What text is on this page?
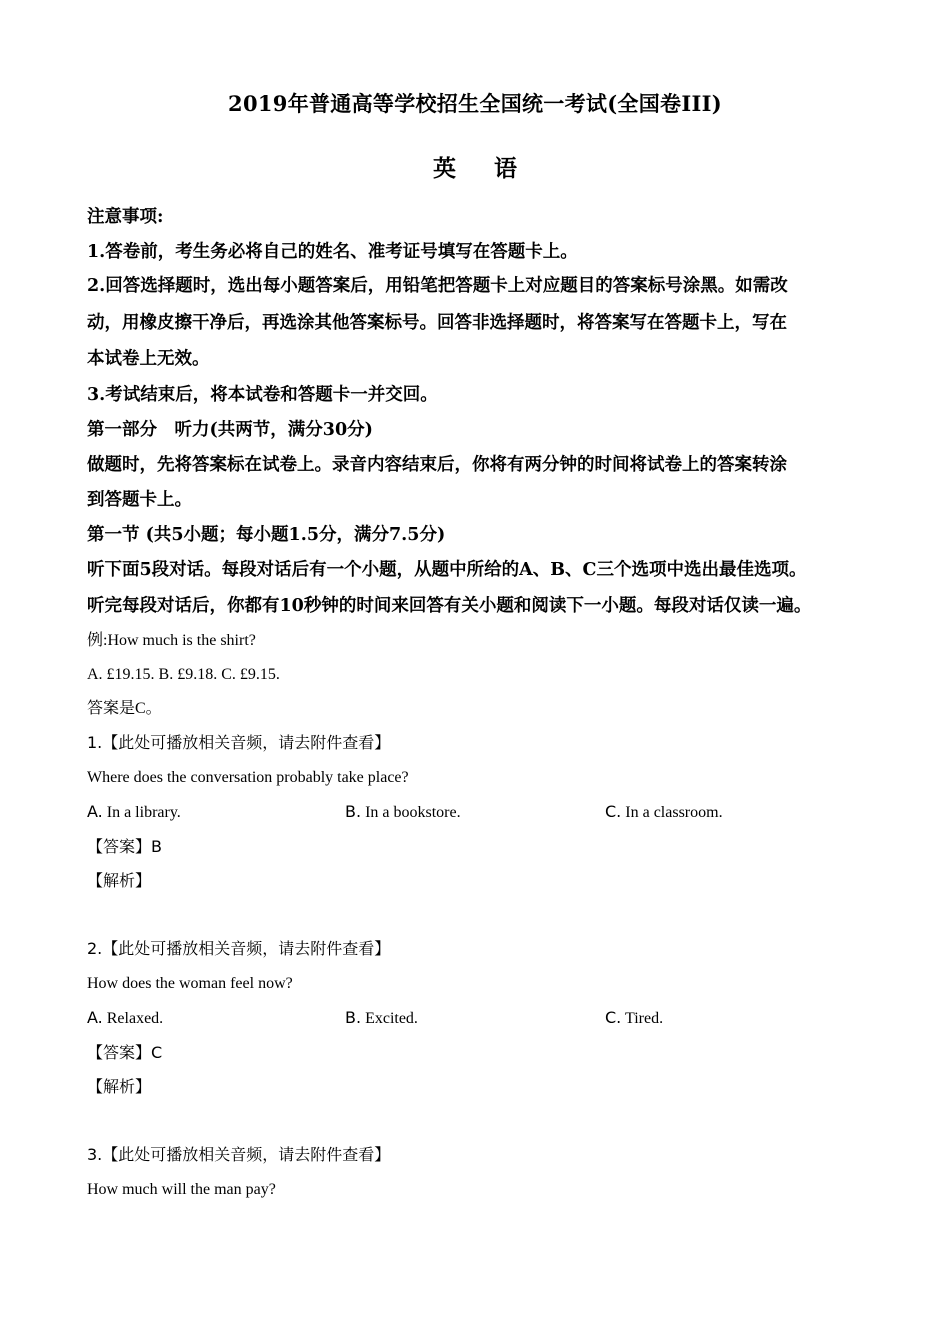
2019年普通高等学校招生全国统一考试(全国卷III)
英语
注意事项:
1.答卷前，考生务必将自己的姓名、准考证号填写在答题卡上。
2.回答选择题时，选出每小题答案后，用铅笔把答题卡上对应题目的答案标号涂黑。如需改
动，用橡皮擦干净后，再选涂其他答案标号。回答非选择题时，将答案写在答题卡上，写在
本试卷上无效。
3.考试结束后，将本试卷和答题卡一并交回。
第一部分　听力(共两节，满分30分)
做题时，先将答案标在试卷上。录音内容结束后，你将有两分钟的时间将试卷上的答案转涂
到答题卡上。
第一节 (共5小题；每小题1.5分，满分7.5分)
听下面5段对话。每段对话后有一个小题，从题中所给的A、B、C三个选项中选出最佳选项。
听完每段对话后，你都有10秒钟的时间来回答有关小题和阅读下一小题。每段对话仅读一遍。
例:How much is the shirt?
A. £19.15. B. £9.18. C. £9.15.
答案是C。
1.【此处可播放相关音频，请去附件查看】
Where does the conversation probably take place?
A. In a library.	B. In a bookstore.	C. In a classroom.
【答案】B
【解析】
2.【此处可播放相关音频，请去附件查看】
How does the woman feel now?
A. Relaxed.	B. Excited.	C. Tired.
【答案】C
【解析】
3.【此处可播放相关音频，请去附件查看】
How much will the man pay?
